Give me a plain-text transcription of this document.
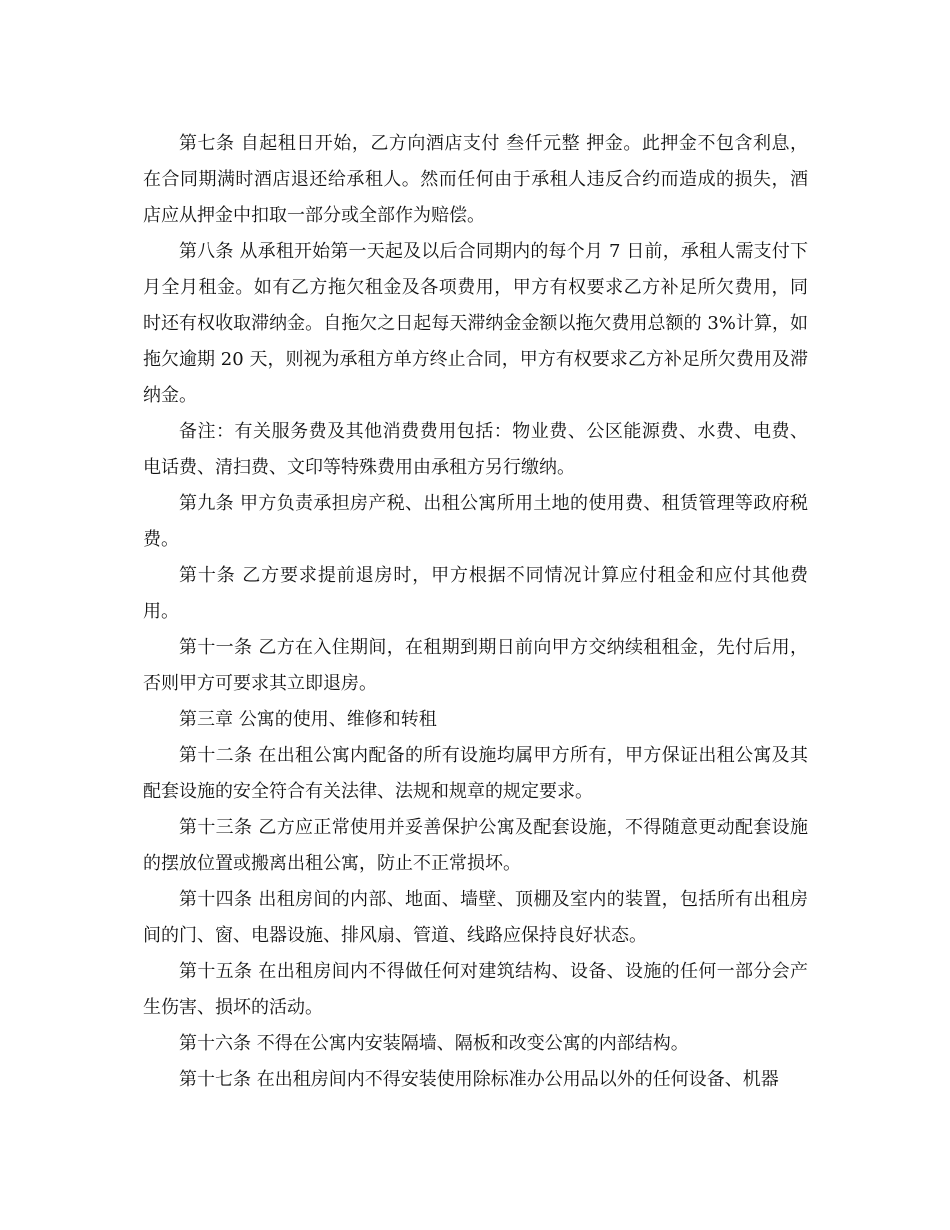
第七条 自起租日开始，乙方向酒店支付 叁仟元整 押金。此押金不包含利息，在合同期满时酒店退还给承租人。然而任何由于承租人违反合约而造成的损失，酒店应从押金中扣取一部分或全部作为赔偿。

第八条 从承租开始第一天起及以后合同期内的每个月 7 日前，承租人需支付下月全月租金。如有乙方拖欠租金及各项费用，甲方有权要求乙方补足所欠费用，同时还有权收取滞纳金。自拖欠之日起每天滞纳金金额以拖欠费用总额的 3%计算，如拖欠逾期 20 天，则视为承租方单方终止合同，甲方有权要求乙方补足所欠费用及滞纳金。

备注：有关服务费及其他消费费用包括：物业费、公区能源费、水费、电费、电话费、清扫费、文印等特殊费用由承租方另行缴纳。

第九条 甲方负责承担房产税、出租公寓所用土地的使用费、租赁管理等政府税费。

第十条 乙方要求提前退房时，甲方根据不同情况计算应付租金和应付其他费用。

第十一条 乙方在入住期间，在租期到期日前向甲方交纳续租租金，先付后用，否则甲方可要求其立即退房。

第三章 公寓的使用、维修和转租

第十二条 在出租公寓内配备的所有设施均属甲方所有，甲方保证出租公寓及其配套设施的安全符合有关法律、法规和规章的规定要求。

第十三条 乙方应正常使用并妥善保护公寓及配套设施，不得随意更动配套设施的摆放位置或搬离出租公寓，防止不正常损坏。

第十四条 出租房间的内部、地面、墙壁、顶棚及室内的装置，包括所有出租房间的门、窗、电器设施、排风扇、管道、线路应保持良好状态。

第十五条 在出租房间内不得做任何对建筑结构、设备、设施的任何一部分会产生伤害、损坏的活动。

第十六条 不得在公寓内安装隔墙、隔板和改变公寓的内部结构。

第十七条 在出租房间内不得安装使用除标准办公用品以外的任何设备、机器
